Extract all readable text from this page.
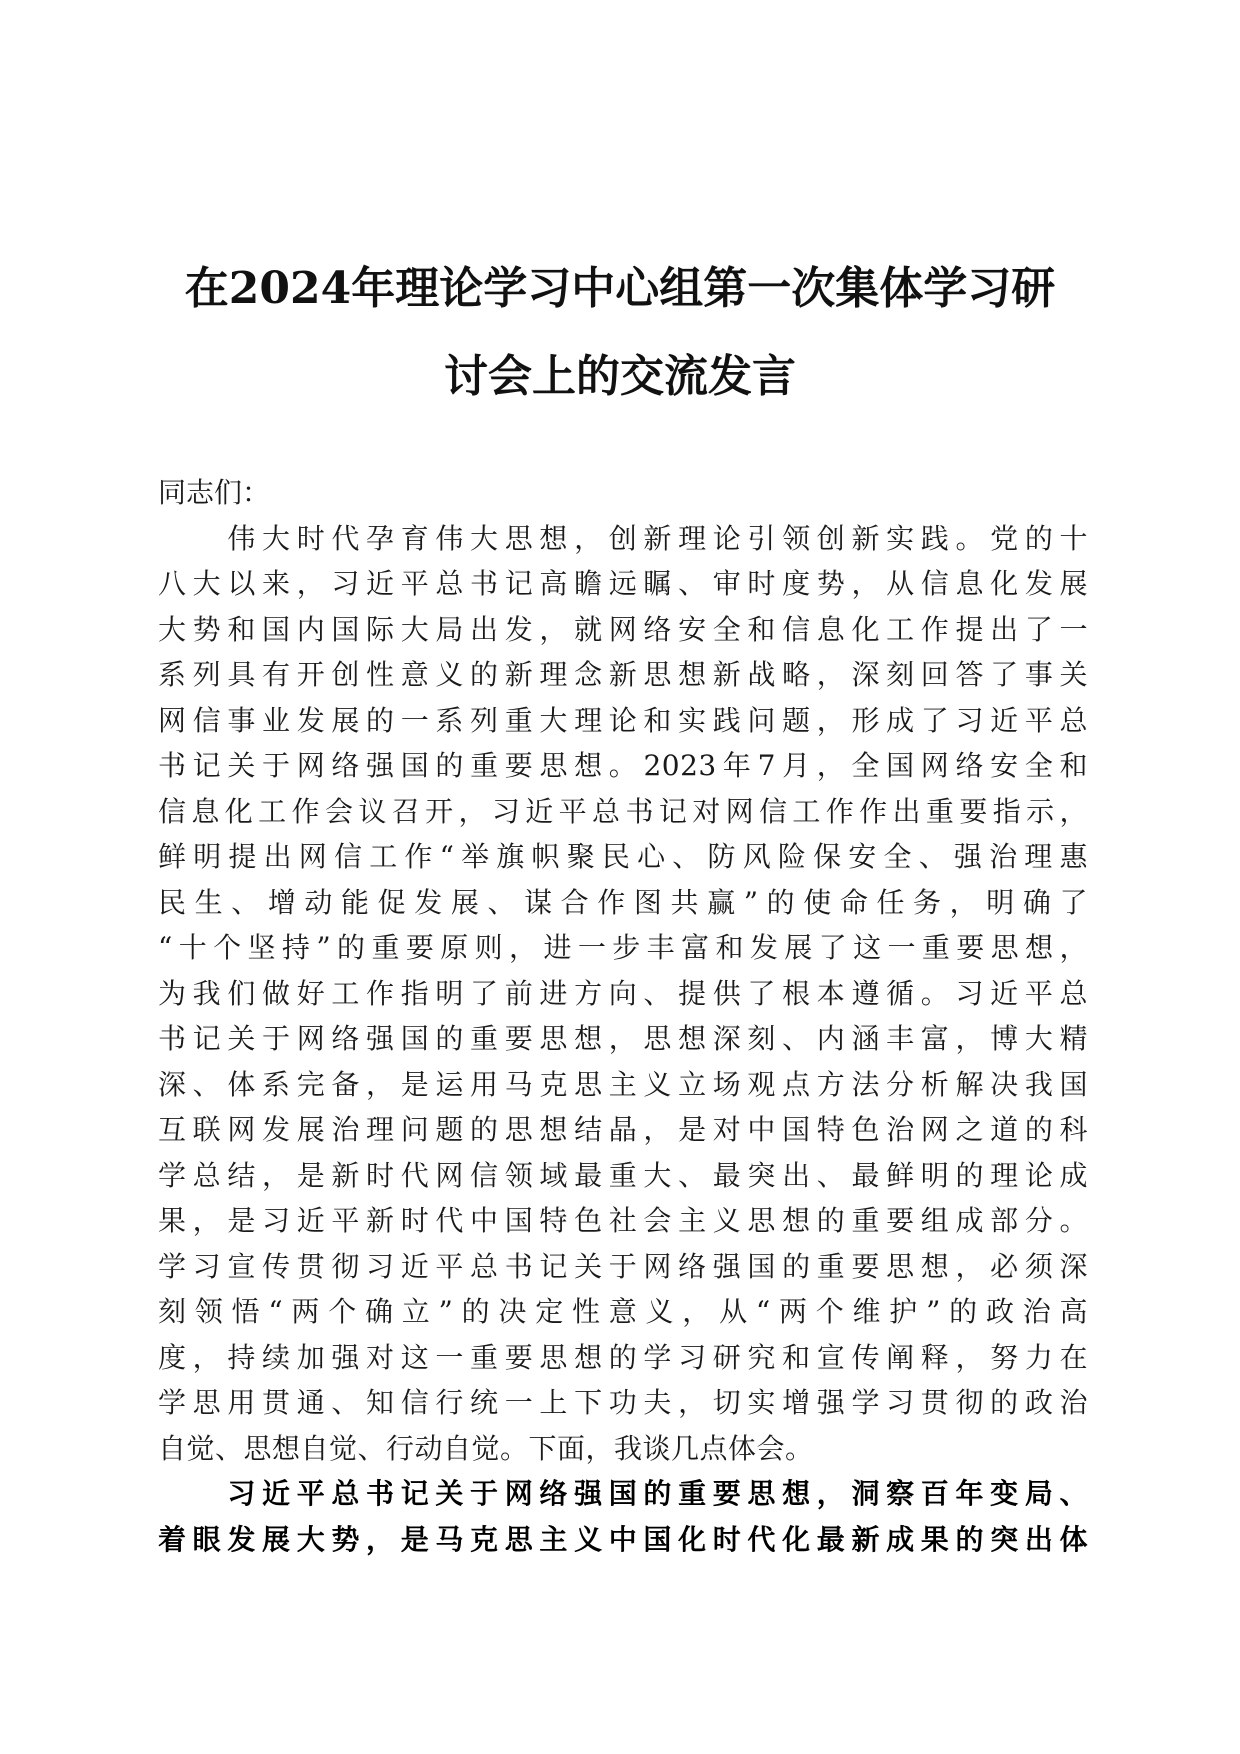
在2024年理论学习中心组第一次集体学习研
讨会上的交流发言
同志们：
　　伟大时代孕育伟大思想，创新理论引领创新实践。党的十
八大以来，习近平总书记高瞻远瞩、审时度势，从信息化发展
大势和国内国际大局出发，就网络安全和信息化工作提出了一
系列具有开创性意义的新理念新思想新战略，深刻回答了事关
网信事业发展的一系列重大理论和实践问题，形成了习近平总
书记关于网络强国的重要思想。2023年7月，全国网络安全和
信息化工作会议召开，习近平总书记对网信工作作出重要指示，
鲜明提出网信工作“举旗帜聚民心、防风险保安全、强治理惠
民生、增动能促发展、谋合作图共赢”的使命任务，明确了
“十个坚持”的重要原则，进一步丰富和发展了这一重要思想，
为我们做好工作指明了前进方向、提供了根本遵循。习近平总
书记关于网络强国的重要思想，思想深刻、内涵丰富，博大精
深、体系完备，是运用马克思主义立场观点方法分析解决我国
互联网发展治理问题的思想结晶，是对中国特色治网之道的科
学总结，是新时代网信领域最重大、最突出、最鲜明的理论成
果，是习近平新时代中国特色社会主义思想的重要组成部分。
学习宣传贯彻习近平总书记关于网络强国的重要思想，必须深
刻领悟“两个确立”的决定性意义，从“两个维护”的政治高
度，持续加强对这一重要思想的学习研究和宣传阐释，努力在
学思用贯通、知信行统一上下功夫，切实增强学习贯彻的政治
自觉、思想自觉、行动自觉。下面，我谈几点体会。
　　习近平总书记关于网络强国的重要思想，洞察百年变局、
着眼发展大势，是马克思主义中国化时代化最新成果的突出体
